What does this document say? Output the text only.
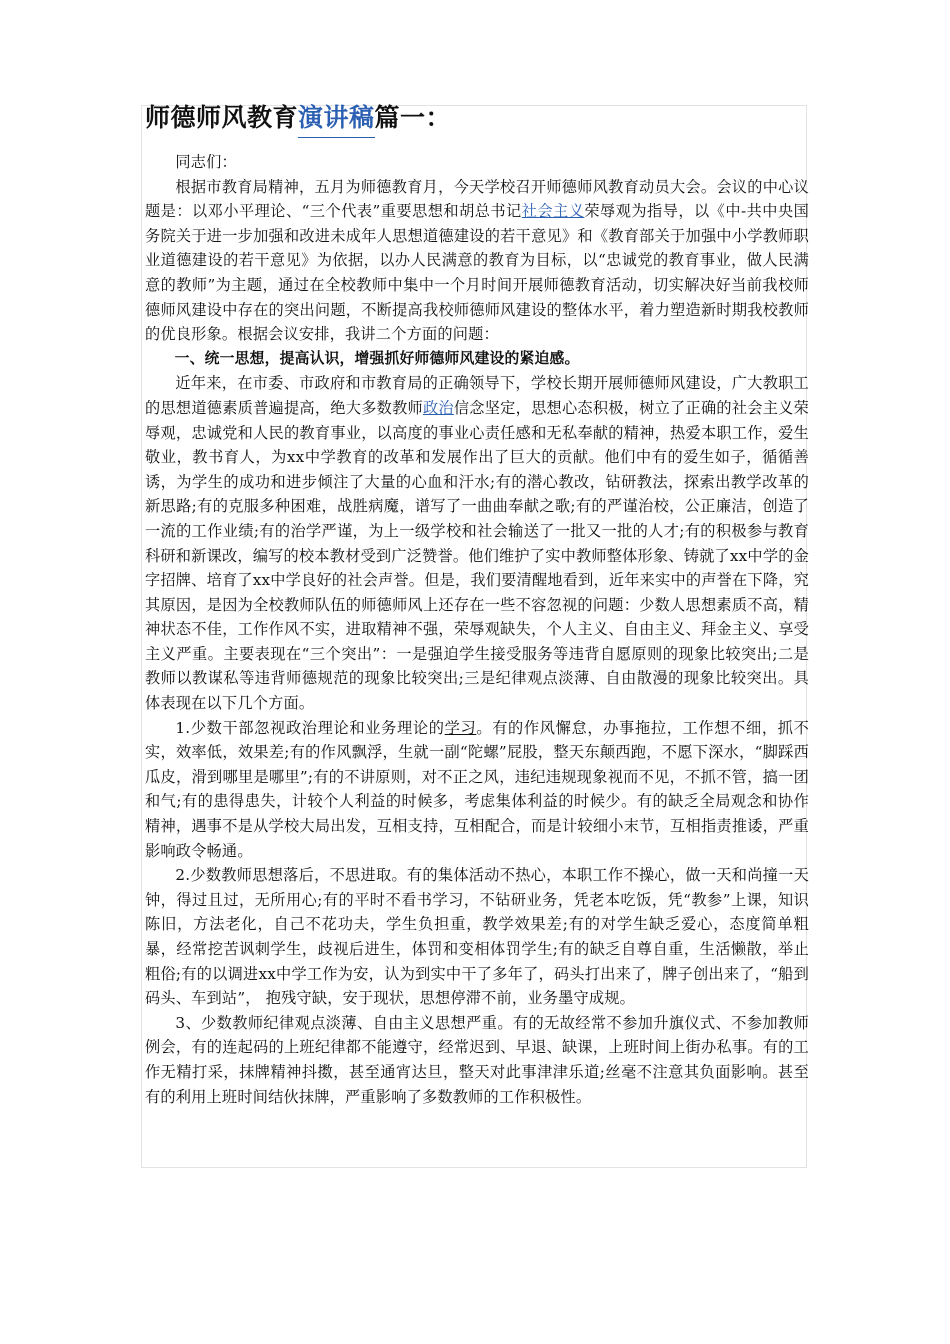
师德师风教育演讲稿篇一：

同志们：

根据市教育局精神，五月为师德教育月，今天学校召开师德师风教育动员大会。会议的中心议题是：以邓小平理论、“三个代表”重要思想和胡总书记社会主义荣辱观为指导，以《中-共中央国务院关于进一步加强和改进未成年人思想道德建设的若干意见》和《教育部关于加强中小学教师职业道德建设的若干意见》为依据，以办人民满意的教育为目标，以“忠诚党的教育事业，做人民满意的教师”为主题，通过在全校教师中集中一个月时间开展师德教育活动，切实解决好当前我校师德师风建设中存在的突出问题，不断提高我校师德师风建设的整体水平，着力塑造新时期我校教师的优良形象。根据会议安排，我讲二个方面的问题：

一、统一思想，提高认识，增强抓好师德师风建设的紧迫感。

近年来，在市委、市政府和市教育局的正确领导下，学校长期开展师德师风建设，广大教职工的思想道德素质普遍提高，绝大多数教师政治信念坚定，思想心态积极，树立了正确的社会主义荣辱观，忠诚党和人民的教育事业，以高度的事业心责任感和无私奉献的精神，热爱本职工作，爱生敬业，教书育人，为xx中学教育的改革和发展作出了巨大的贡献。他们中有的爱生如子，循循善诱，为学生的成功和进步倾注了大量的心血和汗水;有的潜心教改，钻研教法，探索出教学改革的新思路;有的克服多种困难，战胜病魔，谱写了一曲曲奉献之歌;有的严谨治校，公正廉洁，创造了一流的工作业绩;有的治学严谨，为上一级学校和社会输送了一批又一批的人才;有的积极参与教育科研和新课改，编写的校本教材受到广泛赞誉。他们维护了实中教师整体形象、铸就了xx中学的金字招牌、培育了xx中学良好的社会声誉。但是，我们要清醒地看到，近年来实中的声誉在下降，究其原因，是因为全校教师队伍的师德师风上还存在一些不容忽视的问题：少数人思想素质不高，精神状态不佳，工作作风不实，进取精神不强，荣辱观缺失，个人主义、自由主义、拜金主义、享受主义严重。主要表现在“三个突出”：一是强迫学生接受服务等违背自愿原则的现象比较突出;二是教师以教谋私等违背师德规范的现象比较突出;三是纪律观点淡薄、自由散漫的现象比较突出。具体表现在以下几个方面。

1.少数干部忽视政治理论和业务理论的学习。有的作风懈怠，办事拖拉，工作想不细，抓不实，效率低，效果差;有的作风飘浮，生就一副“陀螺”屁股，整天东颠西跑，不愿下深水，“脚踩西瓜皮，滑到哪里是哪里”;有的不讲原则，对不正之风，违纪违规现象视而不见，不抓不管，搞一团和气;有的患得患失，计较个人利益的时候多，考虑集体利益的时候少。有的缺乏全局观念和协作精神，遇事不是从学校大局出发，互相支持，互相配合，而是计较细小末节，互相指责推诿，严重影响政令畅通。

2.少数教师思想落后，不思进取。有的集体活动不热心，本职工作不操心，做一天和尚撞一天钟，得过且过，无所用心;有的平时不看书学习，不钻研业务，凭老本吃饭，凭“教参”上课，知识陈旧，方法老化，自己不花功夫，学生负担重，教学效果差;有的对学生缺乏爱心，态度简单粗暴，经常挖苦讽刺学生，歧视后进生，体罚和变相体罚学生;有的缺乏自尊自重，生活懒散，举止粗俗;有的以调进xx中学工作为安，认为到实中干了多年了，码头打出来了，牌子创出来了，“船到码头、车到站”， 抱残守缺，安于现状，思想停滞不前，业务墨守成规。

3、少数教师纪律观点淡薄、自由主义思想严重。有的无故经常不参加升旗仪式、不参加教师例会，有的连起码的上班纪律都不能遵守，经常迟到、早退、缺课，上班时间上街办私事。有的工作无精打采，抹牌精神抖擞，甚至通宵达旦，整天对此事津津乐道;丝毫不注意其负面影响。甚至有的利用上班时间结伙抹牌，严重影响了多数教师的工作积极性。
